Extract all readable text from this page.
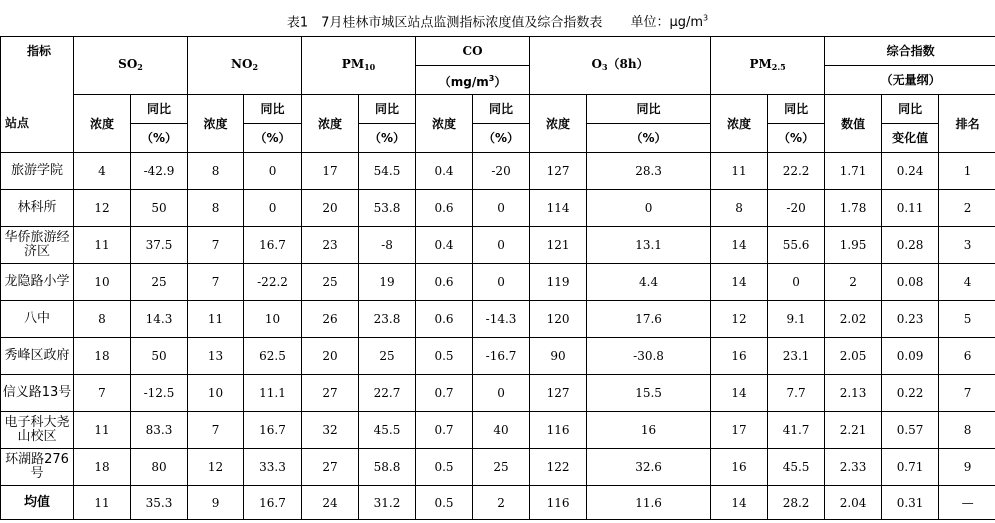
表1　7月桂林市城区站点监测指标浓度值及综合指数表 单位：$\mu g/m^3$
指标	$SO_2$		$NO_2$		$PM_{10}$		CO		$O_3(8h)$		$PM_{2.5}$		综合指数		
							$(mg/m^3)$						（无量纲）		

站点	浓度	同比	浓度	同比	浓度	同比	浓度	同比	浓度	同比	浓度	同比	数值	同比	排名
		（%）		（%）		（%）		（%）		（%）		（%）		变化值	
旅游学院	4	-42.9	8	0	17	54.5	0.4	-20	127	28.3	11	22.2	1.71	0.24	1
林科所	12	50	8	0	20	53.8	0.6	0	114	0	8	-20	1.78	0.11	2
华侨旅游经济区	11	37.5	7	16.7	23	-8	0.4	0	121	13.1	14	55.6	1.95	0.28	3
龙隐路小学	10	25	7	-22.2	25	19	0.6	0	119	4.4	14	0	2	0.08	4
八中	8	14.3	11	10	26	23.8	0.6	-14.3	120	17.6	12	9.1	2.02	0.23	5
秀峰区政府	18	50	13	62.5	20	25	0.5	-16.7	90	-30.8	16	23.1	2.05	0.09	6
信义路13号	7	-12.5	10	11.1	27	22.7	0.7	0	127	15.5	14	7.7	2.13	0.22	7
电子科大尧山校区	11	83.3	7	16.7	32	45.5	0.7	40	116	16	17	41.7	2.21	0.57	8
环湖路276号	18	80	12	33.3	27	58.8	0.5	25	122	32.6	16	45.5	2.33	0.71	9
均值	11	35.3	9	16.7	24	31.2	0.5	2	116	11.6	14	28.2	2.04	0.31	—
